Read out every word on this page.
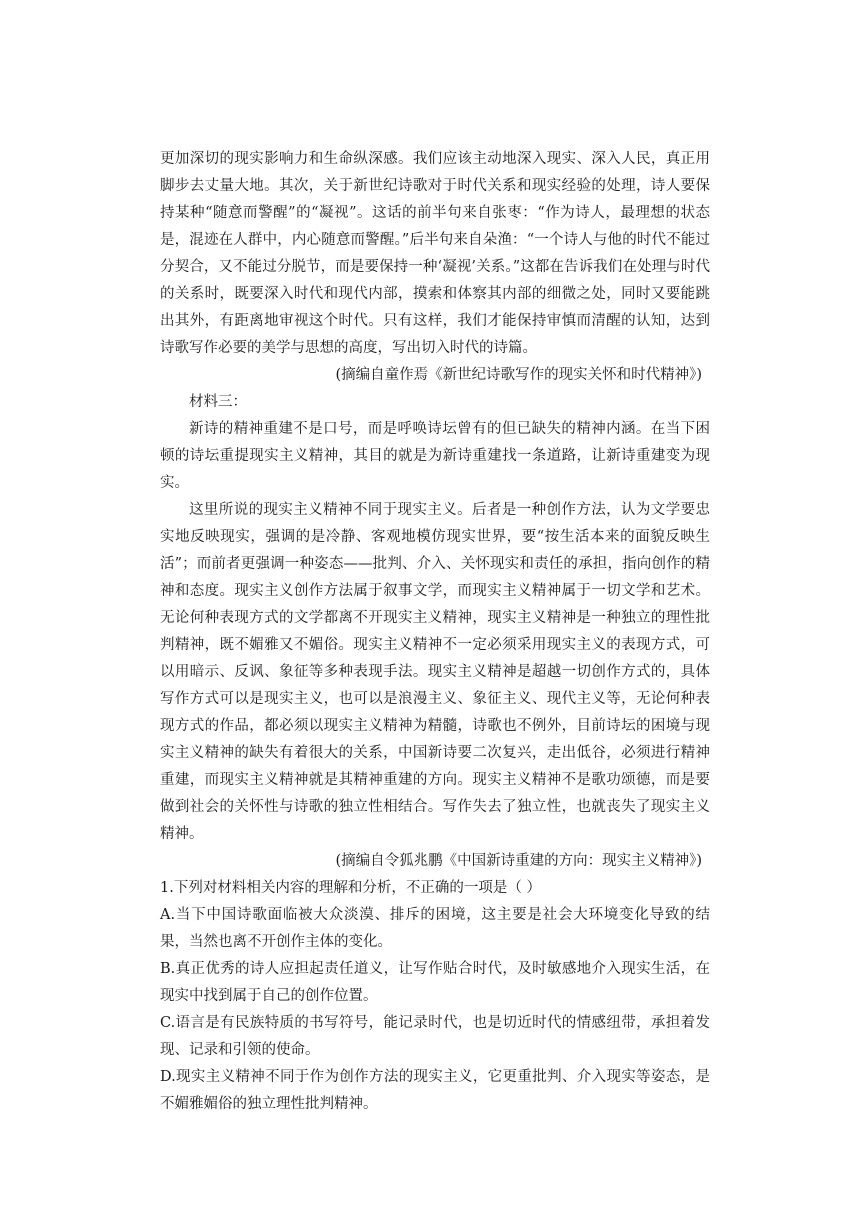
更加深切的现实影响力和生命纵深感。我们应该主动地深入现实、深入人民，真正用脚步去丈量大地。其次，关于新世纪诗歌对于时代关系和现实经验的处理，诗人要保持某种“随意而警醒”的“凝视”。这话的前半句来自张枣：“作为诗人，最理想的状态是，混迹在人群中，内心随意而警醒。”后半句来自朵渔：“一个诗人与他的时代不能过分契合，又不能过分脱节，而是要保持一种‘凝视’关系。”这都在告诉我们在处理与时代的关系时，既要深入时代和现代内部，摸索和体察其内部的细微之处，同时又要能跳出其外，有距离地审视这个时代。只有这样，我们才能保持审慎而清醒的认知，达到诗歌写作必要的美学与思想的高度，写出切入时代的诗篇。

(摘编自童作焉《新世纪诗歌写作的现实关怀和时代精神》)

材料三：

新诗的精神重建不是口号，而是呼唤诗坛曾有的但已缺失的精神内涵。在当下困顿的诗坛重提现实主义精神，其目的就是为新诗重建找一条道路，让新诗重建变为现实。

这里所说的现实主义精神不同于现实主义。后者是一种创作方法，认为文学要忠实地反映现实，强调的是冷静、客观地模仿现实世界，要“按生活本来的面貌反映生活”；而前者更强调一种姿态——批判、介入、关怀现实和责任的承担，指向创作的精神和态度。现实主义创作方法属于叙事文学，而现实主义精神属于一切文学和艺术。无论何种表现方式的文学都离不开现实主义精神，现实主义精神是一种独立的理性批判精神，既不媚雅又不媚俗。现实主义精神不一定必须采用现实主义的表现方式，可以用暗示、反讽、象征等多种表现手法。现实主义精神是超越一切创作方式的，具体写作方式可以是现实主义，也可以是浪漫主义、象征主义、现代主义等，无论何种表现方式的作品，都必须以现实主义精神为精髓，诗歌也不例外，目前诗坛的困境与现实主义精神的缺失有着很大的关系，中国新诗要二次复兴，走出低谷，必须进行精神重建，而现实主义精神就是其精神重建的方向。现实主义精神不是歌功颂德，而是要做到社会的关怀性与诗歌的独立性相结合。写作失去了独立性，也就丧失了现实主义精神。

(摘编自令狐兆鹏《中国新诗重建的方向：现实主义精神》)

1.下列对材料相关内容的理解和分析，不正确的一项是（ ）

A.当下中国诗歌面临被大众淡漠、排斥的困境，这主要是社会大环境变化导致的结果，当然也离不开创作主体的变化。

B.真正优秀的诗人应担起责任道义，让写作贴合时代，及时敏感地介入现实生活，在现实中找到属于自己的创作位置。

C.语言是有民族特质的书写符号，能记录时代，也是切近时代的情感纽带，承担着发现、记录和引领的使命。

D.现实主义精神不同于作为创作方法的现实主义，它更重批判、介入现实等姿态，是不媚雅媚俗的独立理性批判精神。
